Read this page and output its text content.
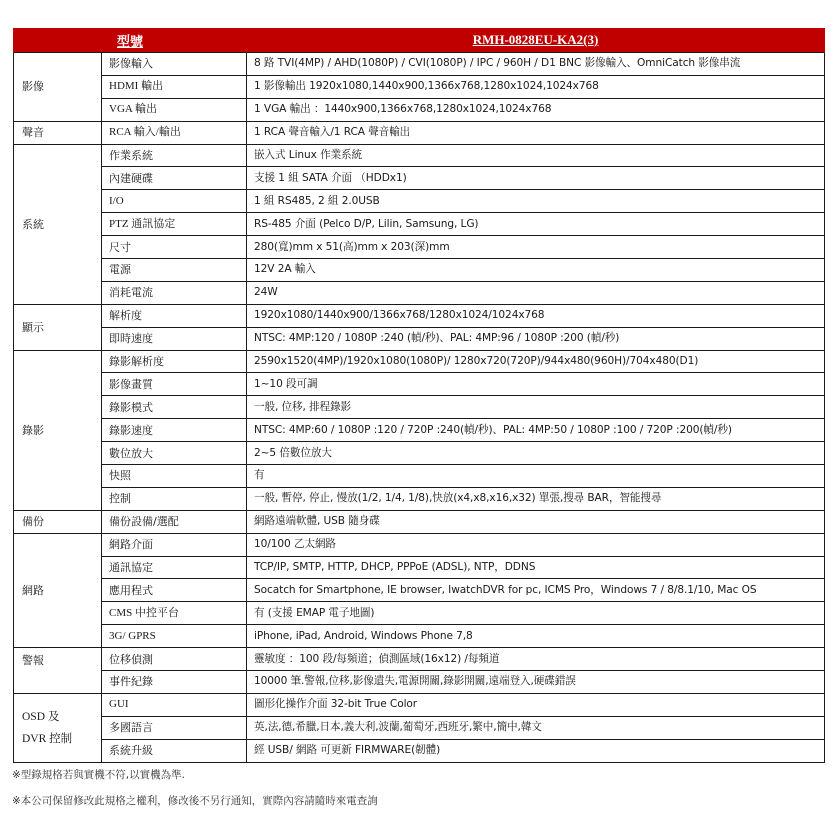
型號		RMH-0828EU-KA2(3)
影像	影像輸入	8 路 TVI(4MP) / AHD(1080P) / CVI(1080P) / IPC / 960H / D1 BNC 影像輸入、OmniCatch 影像串流
	HDMI 輸出	1 影像輸出 1920x1080,1440x900,1366x768,1280x1024,1024x768
	VGA 輸出	1 VGA 輸出 ：1440x900,1366x768,1280x1024,1024x768
聲音	RCA 輸入/輸出	1 RCA 聲音輸入/1 RCA 聲音輸出
系統	作業系統	嵌入式 Linux 作業系統
	內建硬碟	支援 1 組 SATA 介面 （HDDx1)
	I/O	1 組 RS485, 2 組 2.0USB
	PTZ 通訊協定	RS-485 介面 (Pelco D/P, Lilin, Samsung, LG)
	尺寸	280(寬)mm x 51(高)mm x 203(深)mm
	電源	12V 2A 輸入
	消耗電流	24W
顯示	解析度	1920x1080/1440x900/1366x768/1280x1024/1024x768
	即時速度	NTSC: 4MP:120 / 1080P :240 (幀/秒)、PAL: 4MP:96 / 1080P :200 (幀/秒)
錄影	錄影解析度	2590x1520(4MP)/1920x1080(1080P)/ 1280x720(720P)/944x480(960H)/704x480(D1)
	影像畫質	1~10 段可調
	錄影模式	一般, 位移, 排程錄影
	錄影速度	NTSC: 4MP:60 / 1080P :120 / 720P :240(幀/秒)、PAL: 4MP:50 / 1080P :100 / 720P :200(幀/秒)
	數位放大	2~5 倍數位放大
	快照	有
	控制	一般, 暫停, 停止, 慢放(1/2, 1/4, 1/8),快放(x4,x8,x16,x32) 單張,搜尋 BAR，智能搜尋
備份	備份設備/選配	網路遠端軟體, USB 隨身碟
網路	網路介面	10/100 乙太網路
	通訊協定	TCP/IP, SMTP, HTTP, DHCP, PPPoE (ADSL), NTP，DDNS
	應用程式	Socatch for Smartphone, IE browser, IwatchDVR for pc, ICMS Pro，Windows 7 / 8/8.1/10, Mac OS
	CMS 中控平台	有 (支援 EMAP 電子地圖)
	3G/ GPRS	iPhone, iPad, Android, Windows Phone 7,8
警報	位移偵測	靈敏度 ：100 段/每頻道；偵測區域(16x12) /每頻道
	事件紀錄	10000 筆.警報,位移,影像遺失,電源開關,錄影開關,遠端登入,硬碟錯誤

OSD 及
DVR 控制	GUI	圖形化操作介面 32-bit True Color
	多國語言	英,法,德,希臘,日本,義大利,波蘭,葡萄牙,西班牙,繁中,簡中,韓文
	系統升級	經 USB/ 網路 可更新 FIRMWARE(韌體)
※型錄規格若與實機不符,以實機為準.
※本公司保留修改此規格之權利，修改後不另行通知，實際內容請隨時來電查詢
